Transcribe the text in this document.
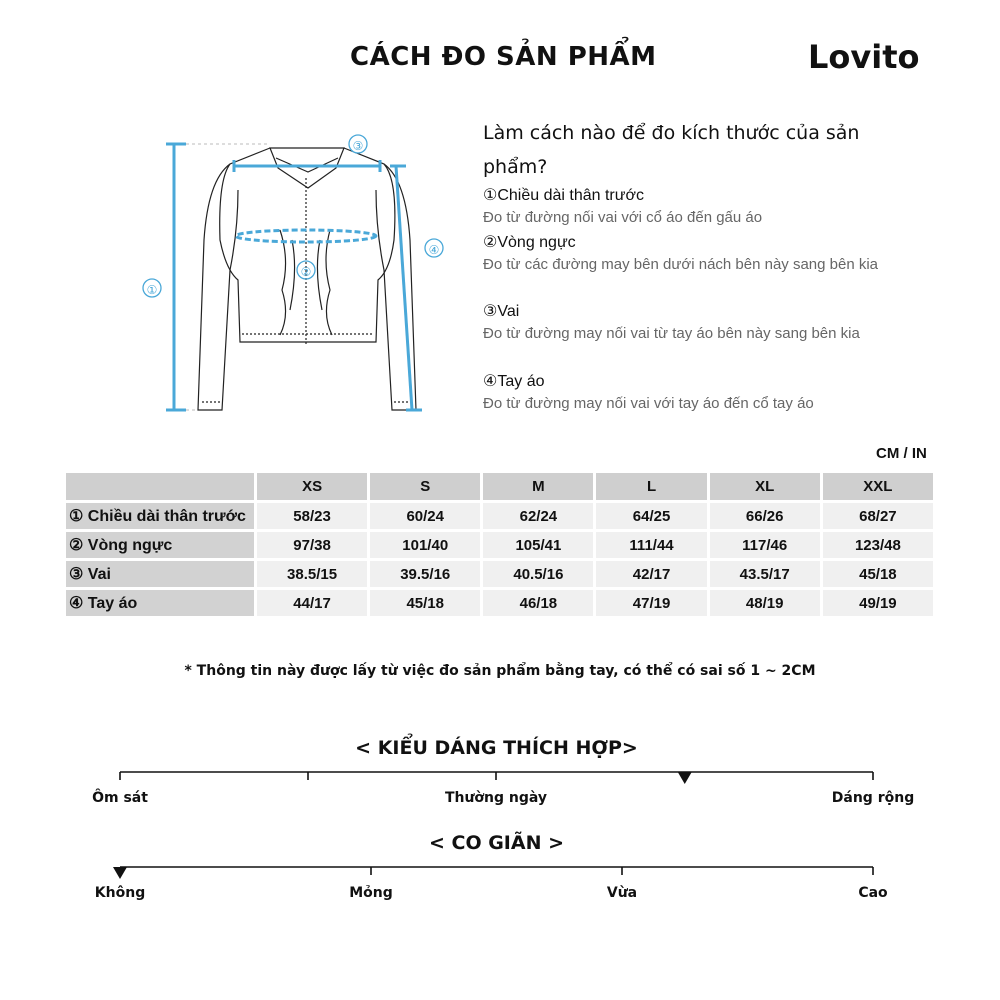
CÁCH ĐO SẢN PHẨM	Lovito
①
②
③
④
Làm cách nào để đo kích thước của sản phẩm?
①Chiều dài thân trước
Đo từ đường nối vai với cổ áo đến gấu áo
②Vòng ngực
Đo từ các đường may bên dưới nách bên này sang bên kia
③Vai
Đo từ đường may nối vai từ tay áo bên này sang bên kia
④Tay áo
Đo từ đường may nối vai với tay áo đến cổ tay áo
CM / IN
	XS	S	M	L	XL	XXL
① Chiều dài thân trước	58/23	60/24	62/24	64/25	66/26	68/27
② Vòng ngực	97/38	101/40	105/41	111/44	117/46	123/48
③ Vai	38.5/15	39.5/16	40.5/16	42/17	43.5/17	45/18
④ Tay áo	44/17	45/18	46/18	47/19	48/19	49/19
* Thông tin này được lấy từ việc đo sản phẩm bằng tay, có thể có sai số 1 ~ 2CM
< KIỂU DÁNG THÍCH HỢP>
Ôm sát	Thường ngày	Dáng rộng
< CO GIÃN >
Không	Mỏng	Vừa	Cao
